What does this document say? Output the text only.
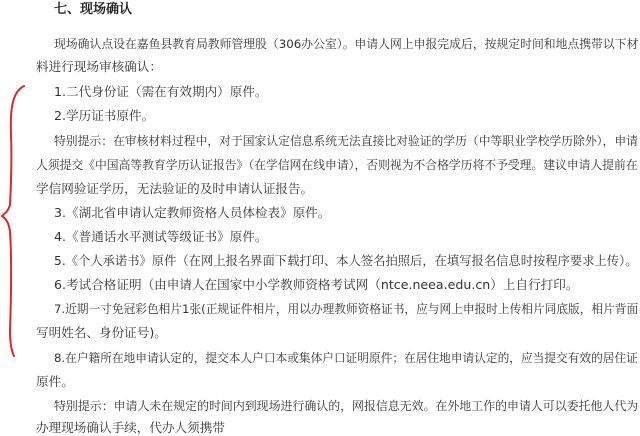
七、现场确认
现场确认点设在嘉鱼县教育局教师管理股（306办公室）。申请人网上申报完成后，按规定时间和地点携带以下材
料进行现场审核确认：
1.二代身份证（需在有效期内）原件。
2.学历证书原件。
特别提示：在审核材料过程中，对于国家认定信息系统无法直接比对验证的学历（中等职业学校学历除外），申请
人须提交《中国高等教育学历认证报告》（在学信网在线申请），否则视为不合格学历将不予受理。建议申请人提前在
学信网验证学历，无法验证的及时申请认证报告。
3.《湖北省申请认定教师资格人员体检表》原件。
4.《普通话水平测试等级证书》原件。
5.《个人承诺书》原件（在网上报名界面下载打印、本人签名拍照后，在填写报名信息时按程序要求上传）。
6.考试合格证明（由申请人在国家中小学教师资格考试网（ntce.neea.edu.cn）上自行打印。
7.近期一寸免冠彩色相片1张(正规证件相片，用以办理教师资格证书，应与网上申报时上传相片同底版，相片背面
写明姓名、身份证号)。
8.在户籍所在地申请认定的，提交本人户口本或集体户口证明原件；在居住地申请认定的，应当提交有效的居住证
原件。
特别提示：申请人未在规定的时间内到现场进行确认的，网报信息无效。在外地工作的申请人可以委托他人代为
办理现场确认手续，代办人须携带
